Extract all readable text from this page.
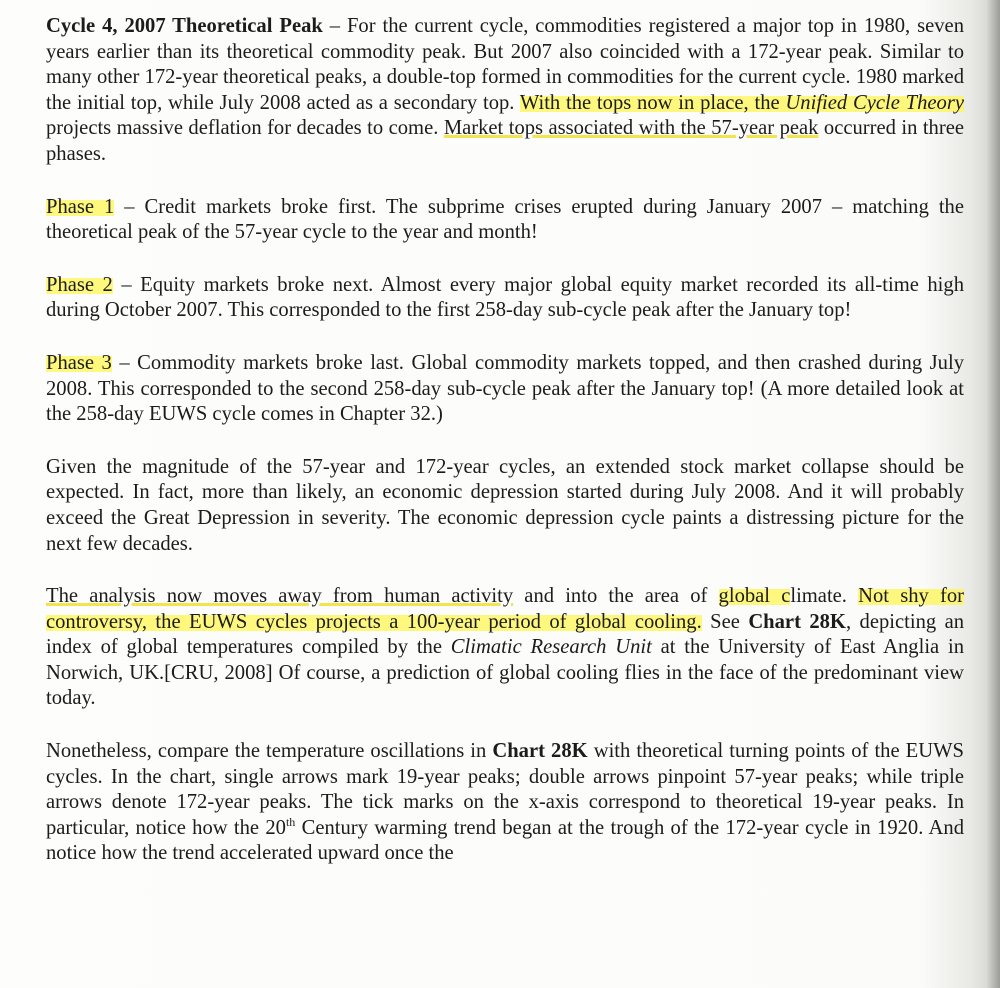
Cycle 4, 2007 Theoretical Peak – For the current cycle, commodities registered a major top in 1980, seven years earlier than its theoretical commodity peak. But 2007 also coincided with a 172-year peak. Similar to many other 172-year theoretical peaks, a double-top formed in commodities for the current cycle. 1980 marked the initial top, while July 2008 acted as a secondary top. With the tops now in place, the Unified Cycle Theory projects massive deflation for decades to come. Market tops associated with the 57-year peak occurred in three phases.

Phase 1 – Credit markets broke first. The subprime crises erupted during January 2007 – matching the theoretical peak of the 57-year cycle to the year and month!

Phase 2 – Equity markets broke next. Almost every major global equity market recorded its all-time high during October 2007. This corresponded to the first 258-day sub-cycle peak after the January top!

Phase 3 – Commodity markets broke last. Global commodity markets topped, and then crashed during July 2008. This corresponded to the second 258-day sub-cycle peak after the January top! (A more detailed look at the 258-day EUWS cycle comes in Chapter 32.)

Given the magnitude of the 57-year and 172-year cycles, an extended stock market collapse should be expected. In fact, more than likely, an economic depression started during July 2008. And it will probably exceed the Great Depression in severity. The economic depression cycle paints a distressing picture for the next few decades.

The analysis now moves away from human activity and into the area of global climate. Not shy for controversy, the EUWS cycles projects a 100-year period of global cooling. See Chart 28K, depicting an index of global temperatures compiled by the Climatic Research Unit at the University of East Anglia in Norwich, UK.[CRU, 2008] Of course, a prediction of global cooling flies in the face of the predominant view today.

Nonetheless, compare the temperature oscillations in Chart 28K with theoretical turning points of the EUWS cycles. In the chart, single arrows mark 19-year peaks; double arrows pinpoint 57-year peaks; while triple arrows denote 172-year peaks. The tick marks on the x-axis correspond to theoretical 19-year peaks. In particular, notice how the 20th Century warming trend began at the trough of the 172-year cycle in 1920. And notice how the trend accelerated upward once the
